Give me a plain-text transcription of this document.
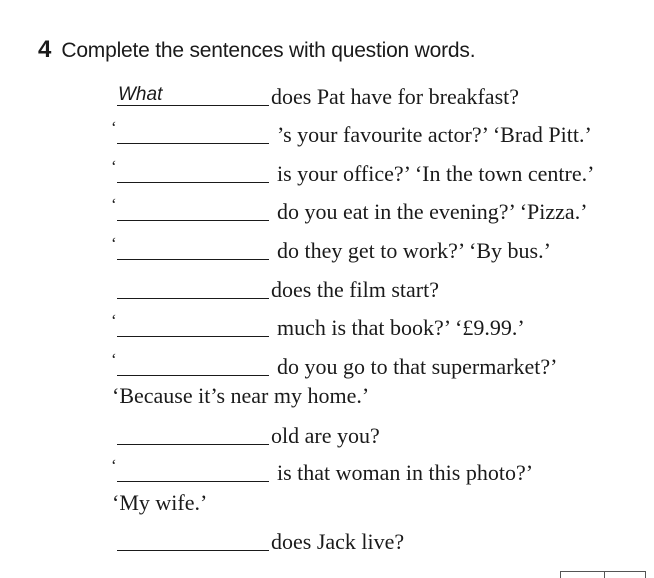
4 Complete the sentences with question words.
What	does Pat have for breakfast?
‘	’s your favourite actor?’ ‘Brad Pitt.’
‘	is your office?’ ‘In the town centre.’
‘	do you eat in the evening?’ ‘Pizza.’
‘	do they get to work?’ ‘By bus.’
does the film start?
‘	much is that book?’ ‘£9.99.’
‘	do you go to that supermarket?’
‘Because it’s near my home.’
old are you?
‘	is that woman in this photo?’
‘My wife.’
does Jack live?
